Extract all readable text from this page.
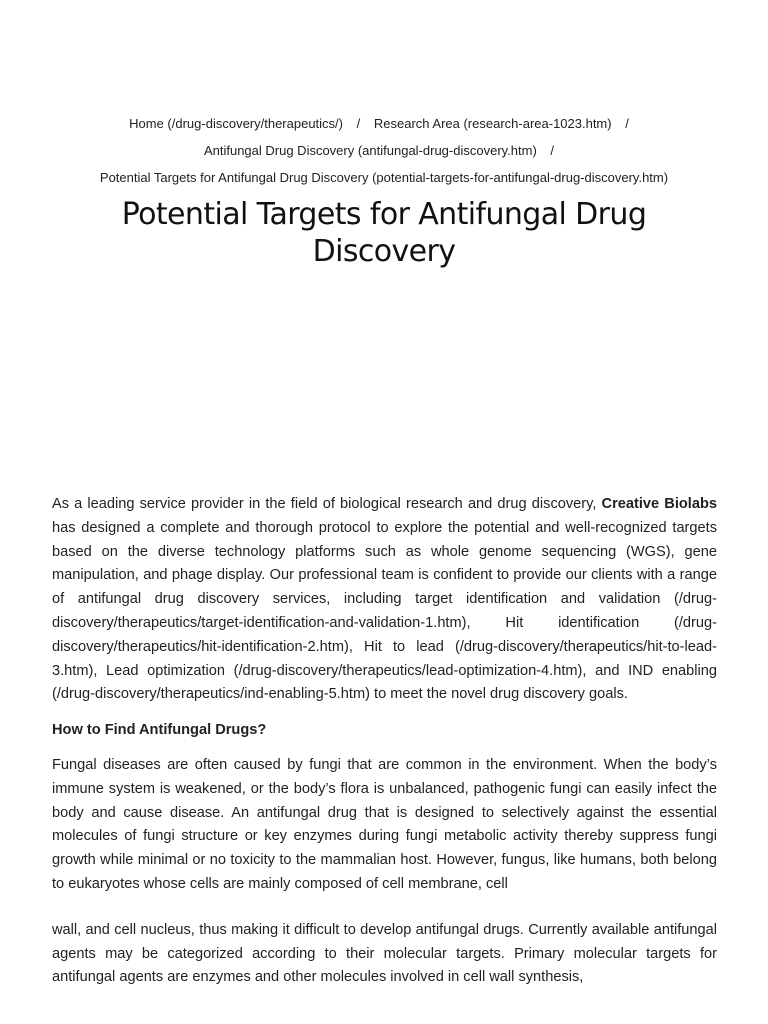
Home (/drug-discovery/therapeutics/) / Research Area (research-area-1023.htm) /
Antifungal Drug Discovery (antifungal-drug-discovery.htm) /
Potential Targets for Antifungal Drug Discovery (potential-targets-for-antifungal-drug-discovery.htm)
Potential Targets for Antifungal Drug Discovery

As a leading service provider in the field of biological research and drug discovery, Creative Biolabs has designed a complete and thorough protocol to explore the potential and well-recognized targets based on the diverse technology platforms such as whole genome sequencing (WGS), gene manipulation, and phage display. Our professional team is confident to provide our clients with a range of antifungal drug discovery services, including target identification and validation (/drug-discovery/therapeutics/target-identification-and-validation-1.htm), Hit identification (/drug-discovery/therapeutics/hit-identification-2.htm), Hit to lead (/drug-discovery/therapeutics/hit-to-lead-3.htm), Lead optimization (/drug-discovery/therapeutics/lead-optimization-4.htm), and IND enabling (/drug-discovery/therapeutics/ind-enabling-5.htm) to meet the novel drug discovery goals.

How to Find Antifungal Drugs?

Fungal diseases are often caused by fungi that are common in the environment. When the body’s immune system is weakened, or the body’s flora is unbalanced, pathogenic fungi can easily infect the body and cause disease. An antifungal drug that is designed to selectively against the essential molecules of fungi structure or key enzymes during fungi metabolic activity thereby suppress fungi growth while minimal or no toxicity to the mammalian host. However, fungus, like humans, both belong to eukaryotes whose cells are mainly composed of cell membrane, cell

wall, and cell nucleus, thus making it difficult to develop antifungal drugs. Currently available antifungal agents may be categorized according to their molecular targets. Primary molecular targets for antifungal agents are enzymes and other molecules involved in cell wall synthesis,
